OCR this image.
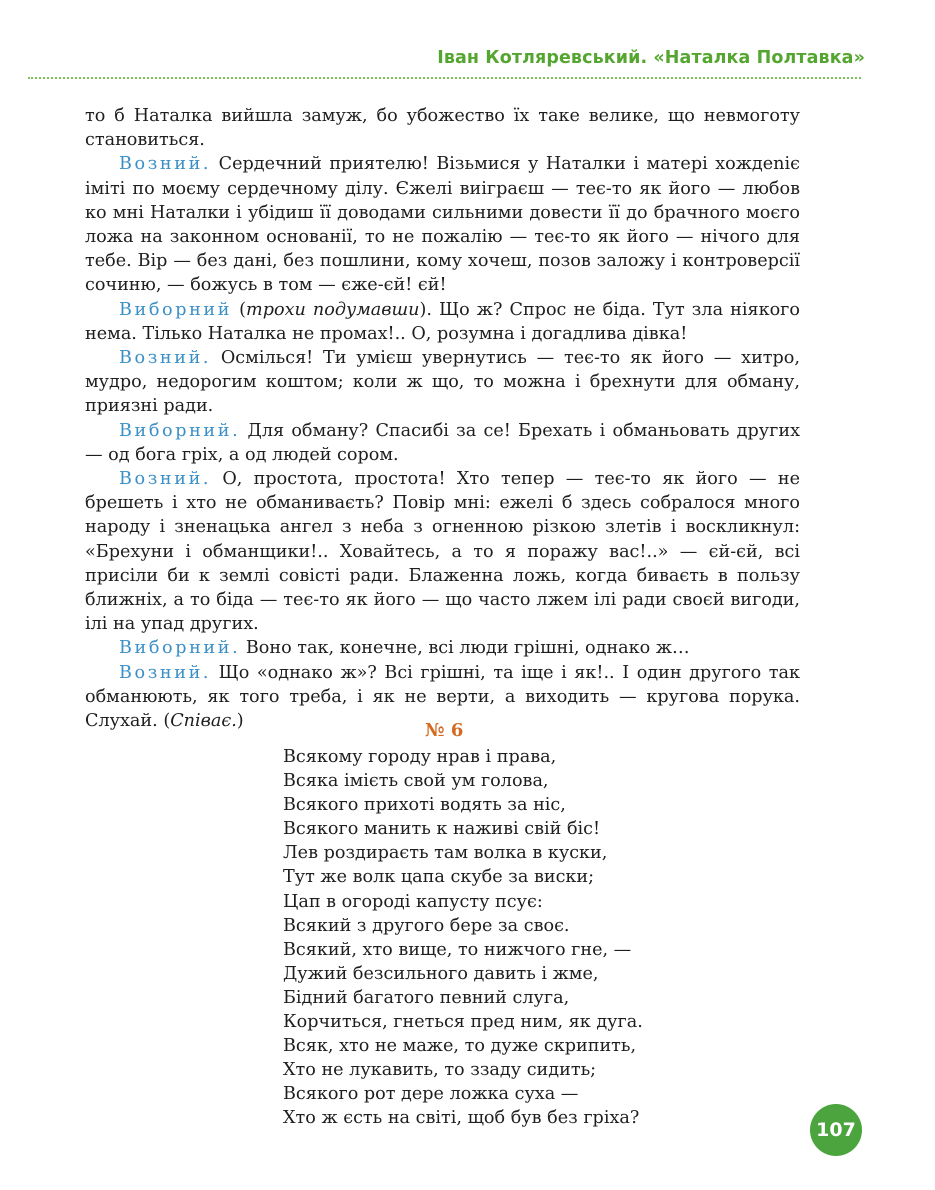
Іван Котляревський. «Наталка Полтавка»

то б Наталка вийшла замуж, бо убожество їх таке велике, що невмоготу становиться.

Возний. Сердечний приятелю! Візьмися у Наталки і матері хождеnіє іміті по моєму сердечному ділу. Єжелі виіграєш — теє-то як його — любов ко мні Наталки і убідиш її доводами сильними довести її до брачного моєго ложа на законном основанії, то не пожалію — теє-то як його — нічого для тебе. Вір — без дані, без пошлини, кому хочеш, позов заложу і контроверсії сочиню, — божусь в том — єже-єй! єй!

Виборний (трохи подумавши). Що ж? Спрос не біда. Тут зла ніякого нема. Тілько Наталка не промах!.. О, розумна і догадлива дівка!

Возний. Осмілься! Ти умієш увернутись — теє-то як його — хитро, мудро, недорогим коштом; коли ж що, то можна і брехнути для обману, приязні ради.

Виборний. Для обману? Спасибі за се! Брехать і обманьовать других — од бога гріх, а од людей сором.

Возний. О, простота, простота! Хто тепер — теє-то як його — не брешеть і хто не обманиваєть? Повір мні: ежелі б здесь собралося много народу і зненацька ангел з неба з огненною різкою злетів і воскликнул: «Брехуни і обманщики!.. Ховайтесь, а то я поражу вас!..» — єй-єй, всі присіли би к землі совісті ради. Блаженна ложь, когда биваєть в пользу ближніх, а то біда — теє-то як його — що часто лжем ілі ради своєй вигоди, ілі на упад других.

Виборний. Воно так, конечне, всі люди грішні, однако ж…

Возний. Що «однако ж»? Всі грішні, та іще і як!.. І один другого так обманюють, як того треба, і як не верти, а виходить — кругова порука. Слухай. (Співає.)	№ 6
Всякому городу нрав і права,
Всяка імієть свой ум голова,
Всякого прихоті водять за ніс,
Всякого манить к наживі свій біс!
Лев роздираєть там волка в куски,
Тут же волк цапа скубе за виски;
Цап в огороді капусту псує:
Всякий з другого бере за своє.
Всякий, хто вище, то нижчого гне, —
Дужий безсильного давить і жме,
Бідний багатого певний слуга,
Корчиться, гнеться пред ним, як дуга.
Всяк, хто не маже, то дуже скрипить,
Хто не лукавить, то ззаду сидить;
Всякого рот дере ложка суха —
Хто ж єсть на світі, щоб був без гріха?
107
